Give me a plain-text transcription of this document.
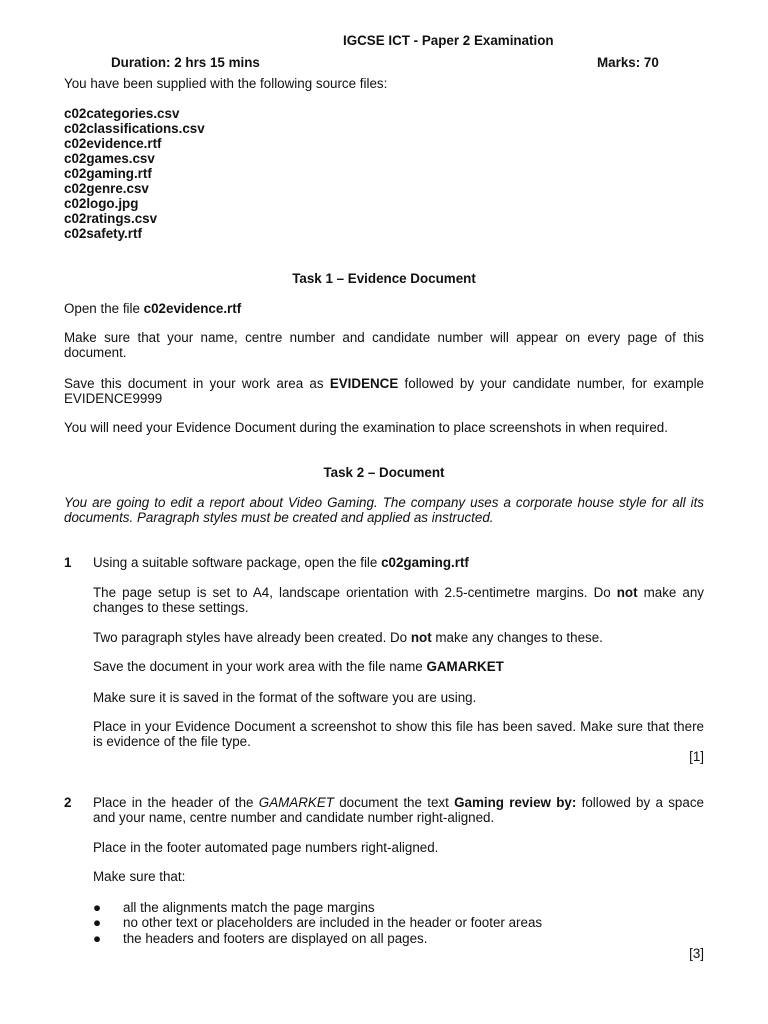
IGCSE ICT - Paper 2 Examination
Duration: 2 hrs 15 mins	Marks: 70
You have been supplied with the following source files:
c02categories.csv
c02classifications.csv
c02evidence.rtf
c02games.csv
c02gaming.rtf
c02genre.csv
c02logo.jpg
c02ratings.csv
c02safety.rtf
Task 1 – Evidence Document
Open the file c02evidence.rtf
Make sure that your name, centre number and candidate number will appear on every page of this document.
Save this document in your work area as EVIDENCE followed by your candidate number, for example EVIDENCE9999
You will need your Evidence Document during the examination to place screenshots in when required.
Task 2 – Document
You are going to edit a report about Video Gaming. The company uses a corporate house style for all its documents. Paragraph styles must be created and applied as instructed.
1 Using a suitable software package, open the file c02gaming.rtf
The page setup is set to A4, landscape orientation with 2.5-centimetre margins. Do not make any changes to these settings.
Two paragraph styles have already been created. Do not make any changes to these.
Save the document in your work area with the file name GAMARKET
Make sure it is saved in the format of the software you are using.
Place in your Evidence Document a screenshot to show this file has been saved. Make sure that there is evidence of the file type.
[1]
2 Place in the header of the GAMARKET document the text Gaming review by: followed by a space and your name, centre number and candidate number right-aligned.
Place in the footer automated page numbers right-aligned.
Make sure that:
● all the alignments match the page margins
● no other text or placeholders are included in the header or footer areas
● the headers and footers are displayed on all pages.
[3]
